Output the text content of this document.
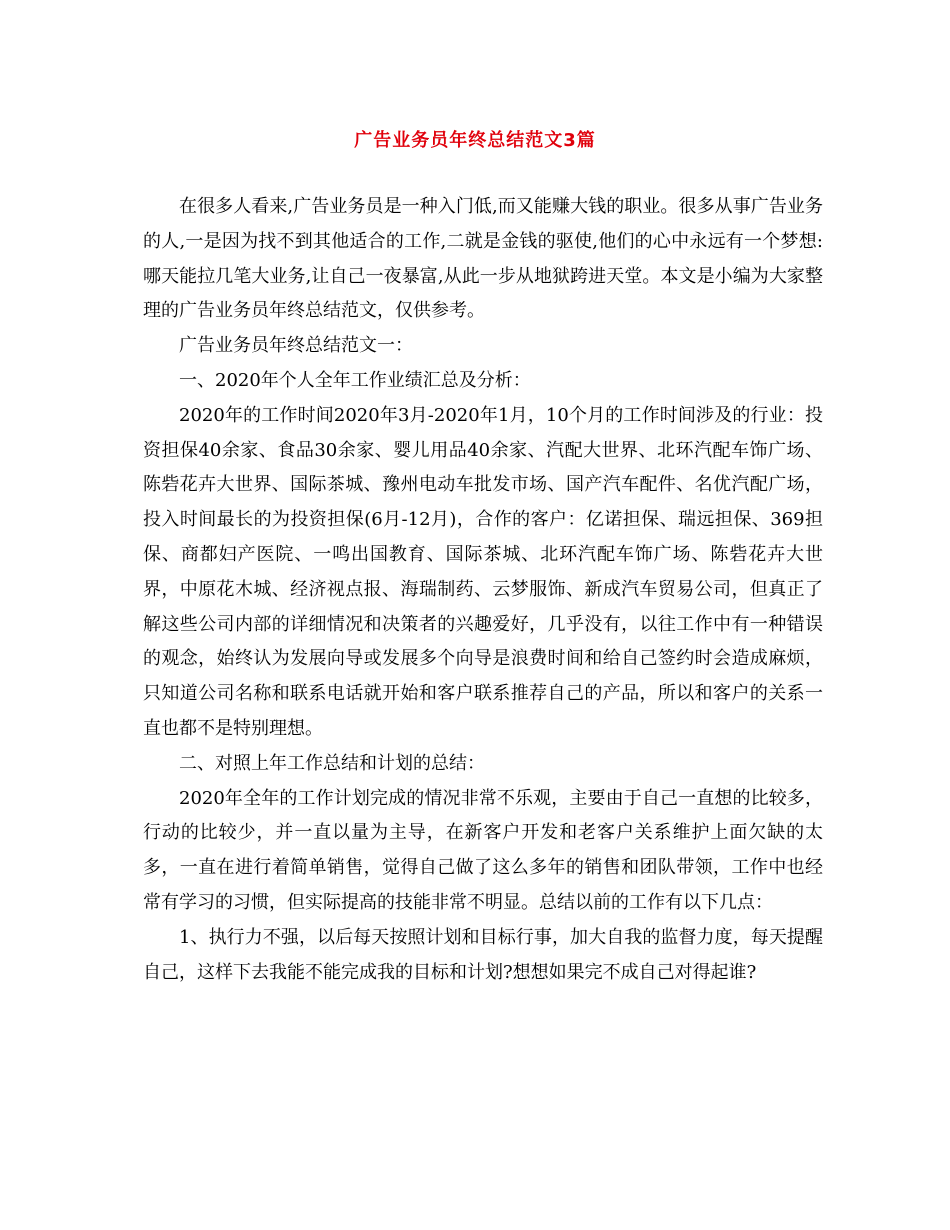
广告业务员年终总结范文3篇

在很多人看来,广告业务员是一种入门低,而又能赚大钱的职业。很多从事广告业务的人,一是因为找不到其他适合的工作,二就是金钱的驱使,他们的心中永远有一个梦想:哪天能拉几笔大业务,让自己一夜暴富,从此一步从地狱跨进天堂。本文是小编为大家整理的广告业务员年终总结范文，仅供参考。

广告业务员年终总结范文一：

一、2020年个人全年工作业绩汇总及分析：

2020年的工作时间2020年3月-2020年1月，10个月的工作时间涉及的行业：投资担保40余家、食品30余家、婴儿用品40余家、汽配大世界、北环汽配车饰广场、陈砦花卉大世界、国际茶城、豫州电动车批发市场、国产汽车配件、名优汽配广场，投入时间最长的为投资担保(6月-12月)，合作的客户：亿诺担保、瑞远担保、369担保、商都妇产医院、一鸣出国教育、国际茶城、北环汽配车饰广场、陈砦花卉大世界，中原花木城、经济视点报、海瑞制药、云梦服饰、新成汽车贸易公司，但真正了解这些公司内部的详细情况和决策者的兴趣爱好，几乎没有，以往工作中有一种错误的观念，始终认为发展向导或发展多个向导是浪费时间和给自己签约时会造成麻烦，只知道公司名称和联系电话就开始和客户联系推荐自己的产品，所以和客户的关系一直也都不是特别理想。

二、对照上年工作总结和计划的总结：

2020年全年的工作计划完成的情况非常不乐观，主要由于自己一直想的比较多，行动的比较少，并一直以量为主导，在新客户开发和老客户关系维护上面欠缺的太多，一直在进行着简单销售，觉得自己做了这么多年的销售和团队带领，工作中也经常有学习的习惯，但实际提高的技能非常不明显。总结以前的工作有以下几点：

1、执行力不强，以后每天按照计划和目标行事，加大自我的监督力度，每天提醒自己，这样下去我能不能完成我的目标和计划?想想如果完不成自己对得起谁?
